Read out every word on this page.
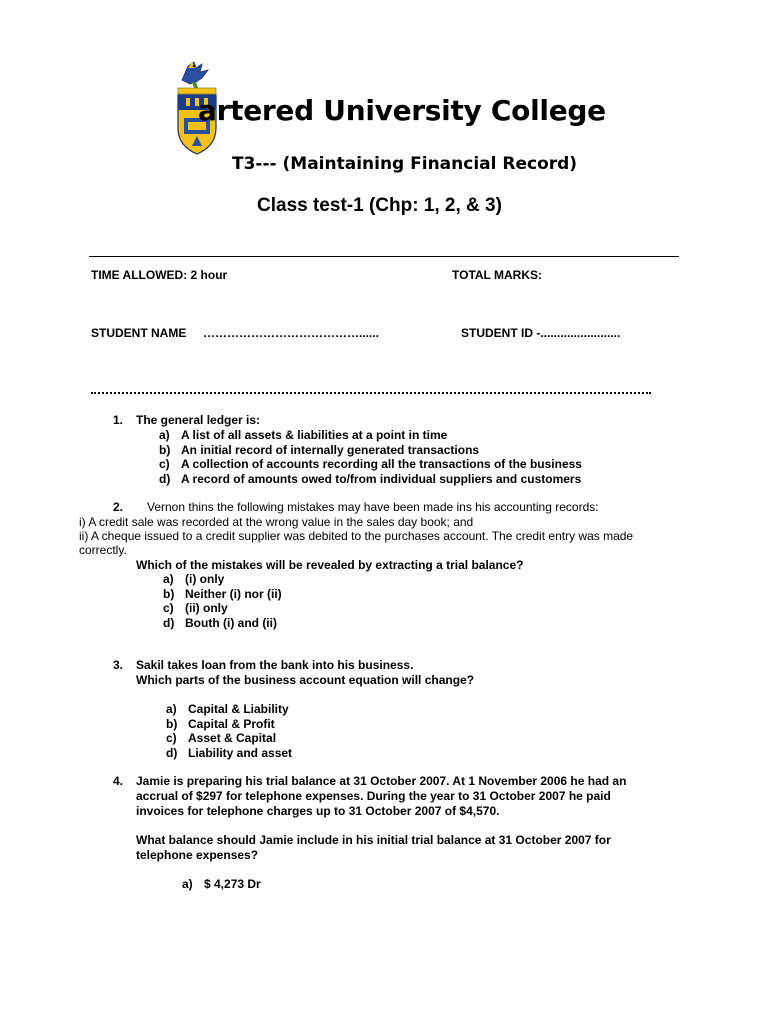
artered University College
T3--- (Maintaining Financial Record)
Class test-1 (Chp: 1, 2, & 3)
TIME ALLOWED: 2 hour	TOTAL MARKS:
STUDENT NAME …………………………………......	STUDENT ID -........................
1. The general ledger is:
a) A list of all assets & liabilities at a point in time
b) An initial record of internally generated transactions
c) A collection of accounts recording all the transactions of the business
d) A record of amounts owed to/from individual suppliers and customers
2. Vernon thins the following mistakes may have been made ins his accounting records:
i) A credit sale was recorded at the wrong value in the sales day book; and
ii) A cheque issued to a credit supplier was debited to the purchases account. The credit entry was made
correctly.
Which of the mistakes will be revealed by extracting a trial balance?
a) (i) only
b) Neither (i) nor (ii)
c) (ii) only
d) Bouth (i) and (ii)
3. Sakil takes loan from the bank into his business.
Which parts of the business account equation will change?
a) Capital & Liability
b) Capital & Profit
c) Asset & Capital
d) Liability and asset
4. Jamie is preparing his trial balance at 31 October 2007. At 1 November 2006 he had an
accrual of $297 for telephone expenses. During the year to 31 October 2007 he paid
invoices for telephone charges up to 31 October 2007 of $4,570.
What balance should Jamie include in his initial trial balance at 31 October 2007 for
telephone expenses?
a) $ 4,273 Dr
